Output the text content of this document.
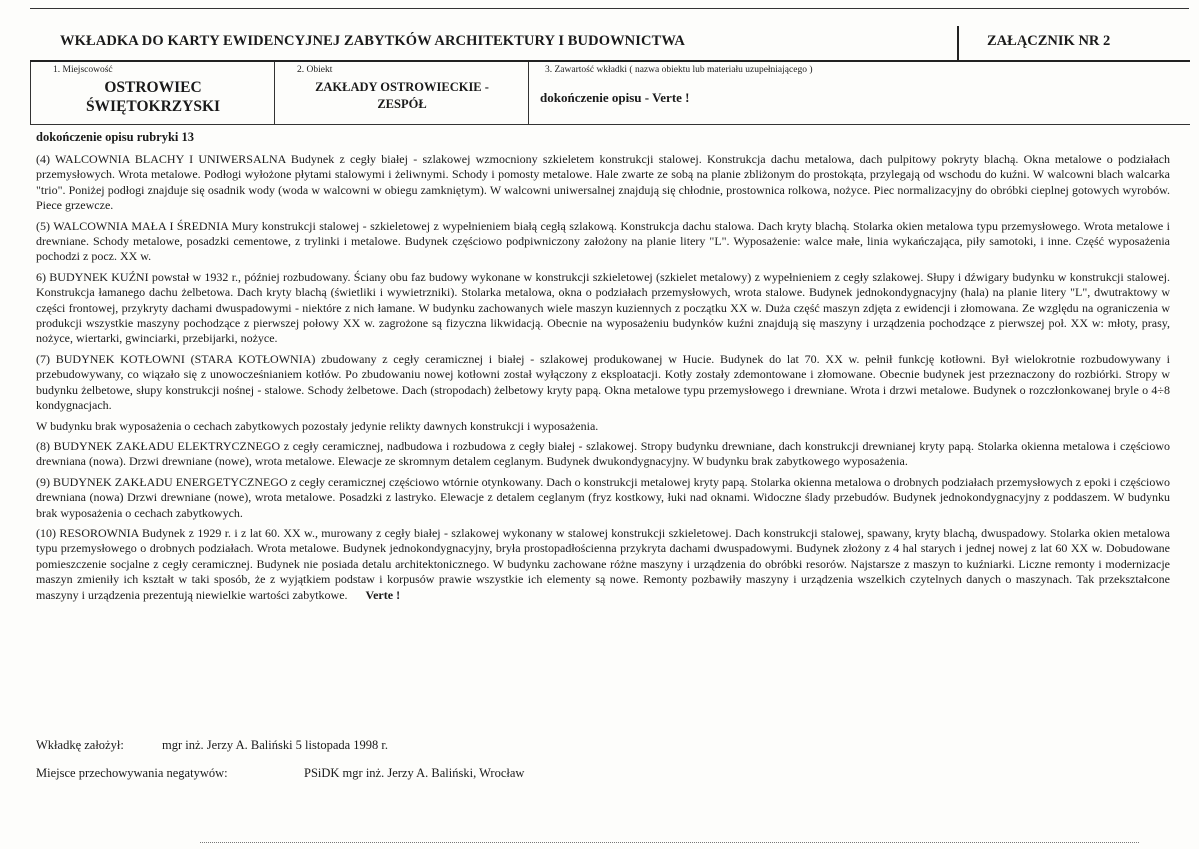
WKŁADKA DO KARTY EWIDENCYJNEJ ZABYTKÓW ARCHITEKTURY I BUDOWNICTWA	ZAŁĄCZNIK NR 2
1. Miejscowość
OSTROWIEC
ŚWIĘTOKRZYSKI
2. Obiekt
ZAKŁADY OSTROWIECKIE -
ZESPÓŁ
3. Zawartość wkładki ( nazwa obiektu lub materiału uzupełniającego )
dokończenie opisu - Verte !
dokończenie opisu rubryki 13

(4) WALCOWNIA BLACHY I UNIWERSALNA Budynek z cegły białej - szlakowej wzmocniony szkieletem konstrukcji stalowej. Konstrukcja dachu metalowa, dach pulpitowy pokryty blachą. Okna metalowe o podziałach przemysłowych. Wrota metalowe. Podłogi wyłożone płytami stalowymi i żeliwnymi. Schody i pomosty metalowe. Hale zwarte ze sobą na planie zbliżonym do prostokąta, przylegają od wschodu do kuźni. W walcowni blach walcarka "trio". Poniżej podłogi znajduje się osadnik wody (woda w walcowni w obiegu zamkniętym). W walcowni uniwersalnej znajdują się chłodnie, prostownica rolkowa, nożyce. Piec normalizacyjny do obróbki cieplnej gotowych wyrobów. Piece grzewcze.

(5) WALCOWNIA MAŁA I ŚREDNIA Mury konstrukcji stalowej - szkieletowej z wypełnieniem białą cegłą szlakową. Konstrukcja dachu stalowa. Dach kryty blachą. Stolarka okien metalowa typu przemysłowego. Wrota metalowe i drewniane. Schody metalowe, posadzki cementowe, z trylinki i metalowe. Budynek częściowo podpiwniczony założony na planie litery "L". Wyposażenie: walce małe, linia wykańczająca, piły samotoki, i inne. Część wyposażenia pochodzi z pocz. XX w.

6) BUDYNEK KUŹNI powstał w 1932 r., później rozbudowany. Ściany obu faz budowy wykonane w konstrukcji szkieletowej (szkielet metalowy) z wypełnieniem z cegły szlakowej. Słupy i dźwigary budynku w konstrukcji stalowej. Konstrukcja łamanego dachu żelbetowa. Dach kryty blachą (świetliki i wywietrzniki). Stolarka metalowa, okna o podziałach przemysłowych, wrota stalowe. Budynek jednokondygnacyjny (hala) na planie litery "L", dwutraktowy w części frontowej, przykryty dachami dwuspadowymi - niektóre z nich łamane. W budynku zachowanych wiele maszyn kuziennych z początku XX w. Duża część maszyn zdjęta z ewidencji i złomowana. Ze względu na ograniczenia w produkcji wszystkie maszyny pochodzące z pierwszej połowy XX w. zagrożone są fizyczna likwidacją. Obecnie na wyposażeniu budynków kuźni znajdują się maszyny i urządzenia pochodzące z pierwszej poł. XX w: młoty, prasy, nożyce, wiertarki, gwinciarki, przebijarki, nożyce.

(7) BUDYNEK KOTŁOWNI (STARA KOTŁOWNIA) zbudowany z cegły ceramicznej i białej - szlakowej produkowanej w Hucie. Budynek do lat 70. XX w. pełnił funkcję kotłowni. Był wielokrotnie rozbudowywany i przebudowywany, co wiązało się z unowocześnianiem kotłów. Po zbudowaniu nowej kotłowni został wyłączony z eksploatacji. Kotły zostały zdemontowane i złomowane. Obecnie budynek jest przeznaczony do rozbiórki. Stropy w budynku żelbetowe, słupy konstrukcji nośnej - stalowe. Schody żelbetowe. Dach (stropodach) żelbetowy kryty papą. Okna metalowe typu przemysłowego i drewniane. Wrota i drzwi metalowe. Budynek o rozczłonkowanej bryle o 4÷8 kondygnacjach.

W budynku brak wyposażenia o cechach zabytkowych pozostały jedynie relikty dawnych konstrukcji i wyposażenia.

(8) BUDYNEK ZAKŁADU ELEKTRYCZNEGO z cegły ceramicznej, nadbudowa i rozbudowa z cegły białej - szlakowej. Stropy budynku drewniane, dach konstrukcji drewnianej kryty papą. Stolarka okienna metalowa i częściowo drewniana (nowa). Drzwi drewniane (nowe), wrota metalowe. Elewacje ze skromnym detalem ceglanym. Budynek dwukondygnacyjny. W budynku brak zabytkowego wyposażenia.

(9) BUDYNEK ZAKŁADU ENERGETYCZNEGO z cegły ceramicznej częściowo wtórnie otynkowany. Dach o konstrukcji metalowej kryty papą. Stolarka okienna metalowa o drobnych podziałach przemysłowych z epoki i częściowo drewniana (nowa) Drzwi drewniane (nowe), wrota metalowe. Posadzki z lastryko. Elewacje z detalem ceglanym (fryz kostkowy, łuki nad oknami. Widoczne ślady przebudów. Budynek jednokondygnacyjny z poddaszem. W budynku brak wyposażenia o cechach zabytkowych.

(10) RESOROWNIA Budynek z 1929 r. i z lat 60. XX w., murowany z cegły białej - szlakowej wykonany w stalowej konstrukcji szkieletowej. Dach konstrukcji stalowej, spawany, kryty blachą, dwuspadowy. Stolarka okien metalowa typu przemysłowego o drobnych podziałach. Wrota metalowe. Budynek jednokondygnacyjny, bryła prostopadłościenna przykryta dachami dwuspadowymi. Budynek złożony z 4 hal starych i jednej nowej z lat 60 XX w. Dobudowane pomieszczenie socjalne z cegły ceramicznej. Budynek nie posiada detalu architektonicznego. W budynku zachowane różne maszyny i urządzenia do obróbki resorów. Najstarsze z maszyn to kuźniarki. Liczne remonty i modernizacje maszyn zmieniły ich kształt w taki sposób, że z wyjątkiem podstaw i korpusów prawie wszystkie ich elementy są nowe. Remonty pozbawiły maszyny i urządzenia wszelkich czytelnych danych o maszynach. Tak przekształcone maszyny i urządzenia prezentują niewielkie wartości zabytkowe. Verte !

Wkładkę założył:	mgr inż. Jerzy A. Baliński 5 listopada 1998 r.
Miejsce przechowywania negatywów:	PSiDK mgr inż. Jerzy A. Baliński, Wrocław
